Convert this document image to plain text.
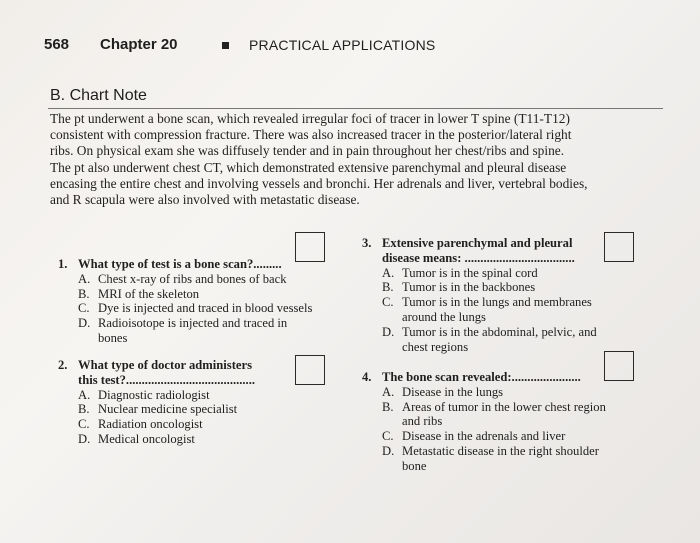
568 Chapter 20	PRACTICAL APPLICATIONS
B. Chart Note
The pt underwent a bone scan, which revealed irregular foci of tracer in lower T spine (T11-T12)
consistent with compression fracture. There was also increased tracer in the posterior/lateral right
ribs. On physical exam she was diffusely tender and in pain throughout her chest/ribs and spine.
The pt also underwent chest CT, which demonstrated extensive parenchymal and pleural disease
encasing the entire chest and involving vessels and bronchi. Her adrenals and liver, vertebral bodies,
and R scapula were also involved with metastatic disease.
1. What type of test is a bone scan?.........
A. Chest x-ray of ribs and bones of back
B. MRI of the skeleton
C. Dye is injected and traced in blood vessels
D. Radioisotope is injected and traced in
bones
2. What type of doctor administers
this test?.........................................
A. Diagnostic radiologist
B. Nuclear medicine specialist
C. Radiation oncologist
D. Medical oncologist
3. Extensive parenchymal and pleural
disease means: ...................................
A. Tumor is in the spinal cord
B. Tumor is in the backbones
C. Tumor is in the lungs and membranes
around the lungs
D. Tumor is in the abdominal, pelvic, and
chest regions
4. The bone scan revealed:......................
A. Disease in the lungs
B. Areas of tumor in the lower chest region
and ribs
C. Disease in the adrenals and liver
D. Metastatic disease in the right shoulder
bone
